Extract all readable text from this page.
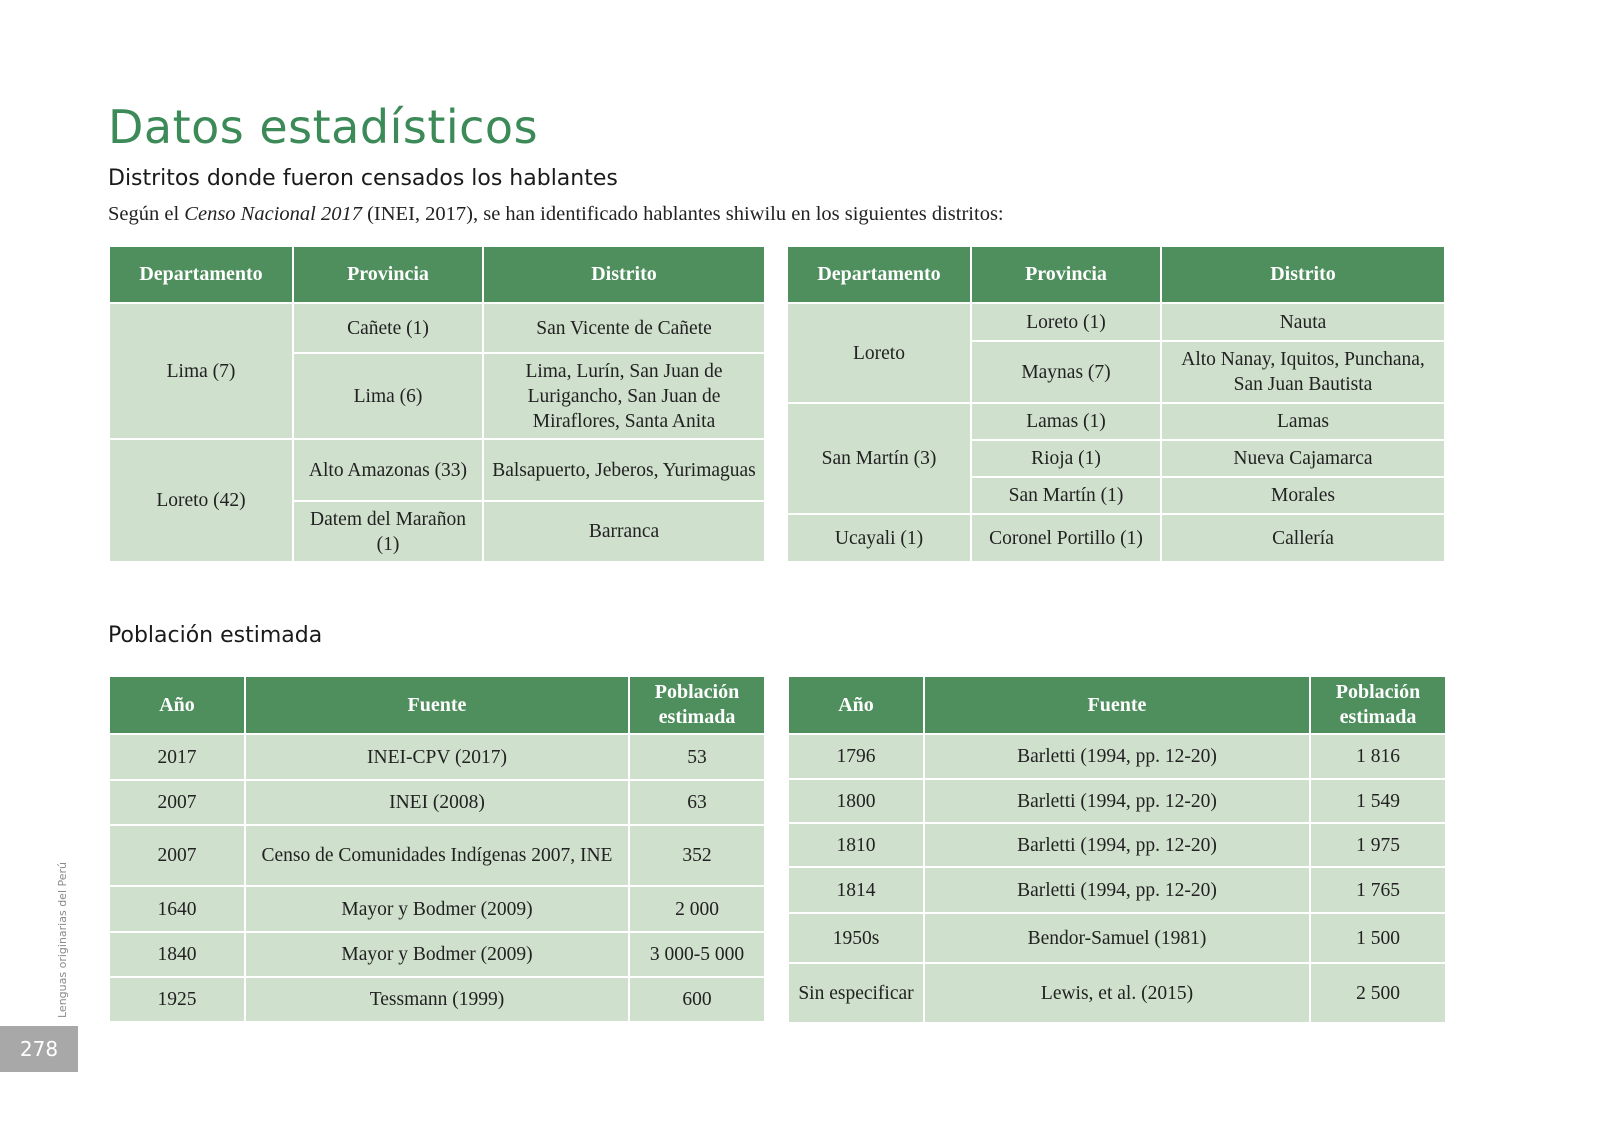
Datos estadísticos
Distritos donde fueron censados los hablantes

Según el Censo Nacional 2017 (INEI, 2017), se han identificado hablantes shiwilu en los siguientes distritos:

Departamento	Provincia	Distrito
Lima (7)	Cañete (1)	San Vicente de Cañete
	Lima (6)	Lima, Lurín, San Juan de Lurigancho, San Juan de Miraflores, Santa Anita
Loreto (42)	Alto Amazonas (33)	Balsapuerto, Jeberos, Yurimaguas
	Datem del Marañon (1)	Barranca
Departamento	Provincia	Distrito
Loreto	Loreto (1)	Nauta
	Maynas (7)	Alto Nanay, Iquitos, Punchana, San Juan Bautista
San Martín (3)	Lamas (1)	Lamas
	Rioja (1)	Nueva Cajamarca
	San Martín (1)	Morales
Ucayali (1)	Coronel Portillo (1)	Callería
Población estimada
Año	Fuente	Población estimada
2017	INEI-CPV (2017)	53
2007	INEI (2008)	63
2007	Censo de Comunidades Indígenas 2007, INE	352
1640	Mayor y Bodmer (2009)	2 000
1840	Mayor y Bodmer (2009)	3 000-5 000
1925	Tessmann (1999)	600
Año	Fuente	Población estimada
1796	Barletti (1994, pp. 12-20)	1 816
1800	Barletti (1994, pp. 12-20)	1 549
1810	Barletti (1994, pp. 12-20)	1 975
1814	Barletti (1994, pp. 12-20)	1 765
1950s	Bendor-Samuel (1981)	1 500
Sin especificar	Lewis, et al. (2015)	2 500
Lenguas originarias del Perú
278
